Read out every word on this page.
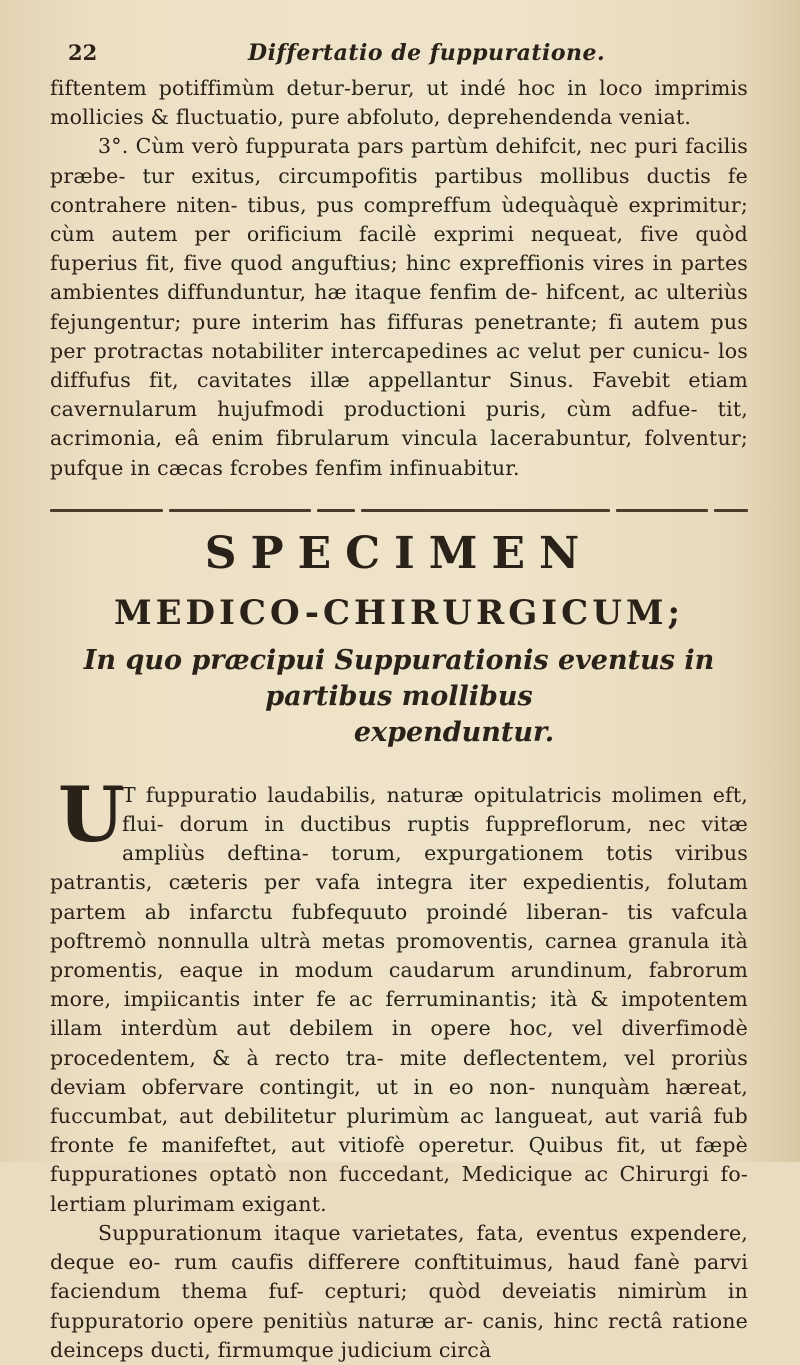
22	Differtatio de fuppuratione.

fiftentem potiffimùm detur-berur, ut indé hoc in loco imprimis mollicies & fluctuatio, pure abfoluto, deprehendenda veniat.

3°. Cùm verò fuppurata pars partùm dehifcit, nec puri facilis præbe- tur exitus, circumpofitis partibus mollibus ductis fe contrahere niten- tibus, pus compreffum ùdequàquè exprimitur; cùm autem per orificium facilè exprimi nequeat, five quòd fuperius fit, five quod anguftius; hinc expreffionis vires in partes ambientes diffunduntur, hæ itaque fenfim de- hifcent, ac ulteriùs fejungentur; pure interim has fiffuras penetrante; fi autem pus per protractas notabiliter intercapedines ac velut per cunicu- los diffufus fit, cavitates illæ appellantur Sinus. Favebit etiam cavernularum hujufmodi productioni puris, cùm adfue- tit, acrimonia, eâ enim fibrularum vincula lacerabuntur, folventur; pufque in cæcas fcrobes fenfim infinuabitur.

SPECIMEN
MEDICO-CHIRURGICUM;

In quo præcipui Suppurationis eventus in partibus mollibus
expenduntur.

U
T fuppuratio laudabilis, naturæ opitulatricis molimen eft, flui- dorum in ductibus ruptis fuppreflorum, nec vitæ ampliùs deftina- torum, expurgationem totis viribus patrantis, cæteris per vafa integra iter expedientis, folutam partem ab infarctu fubfequuto proindé liberan- tis vafcula poftremò nonnulla ultrà metas promoventis, carnea granula ità promentis, eaque in modum caudarum arundinum, fabrorum more, impiicantis inter fe ac ferruminantis; ità & impotentem illam interdùm aut debilem in opere hoc, vel diverfimodè procedentem, & à recto tra- mite deflectentem, vel proriùs deviam obfervare contingit, ut in eo non- nunquàm hæreat, fuccumbat, aut debilitetur plurimùm ac langueat, aut variâ fub fronte fe manifeftet, aut vitiofè operetur. Quibus fit, ut fæpè fuppurationes optatò non fuccedant, Medicique ac Chirurgi fo- lertiam plurimam exigant.

Suppurationum itaque varietates, fata, eventus expendere, deque eo- rum caufis differere conftituimus, haud fanè parvi faciendum thema fuf- cepturi; quòd deveiatis nimirùm in fuppuratorio opere penitiùs naturæ ar- canis, hinc rectâ ratione deinceps ducti, firmumque judicium circà
